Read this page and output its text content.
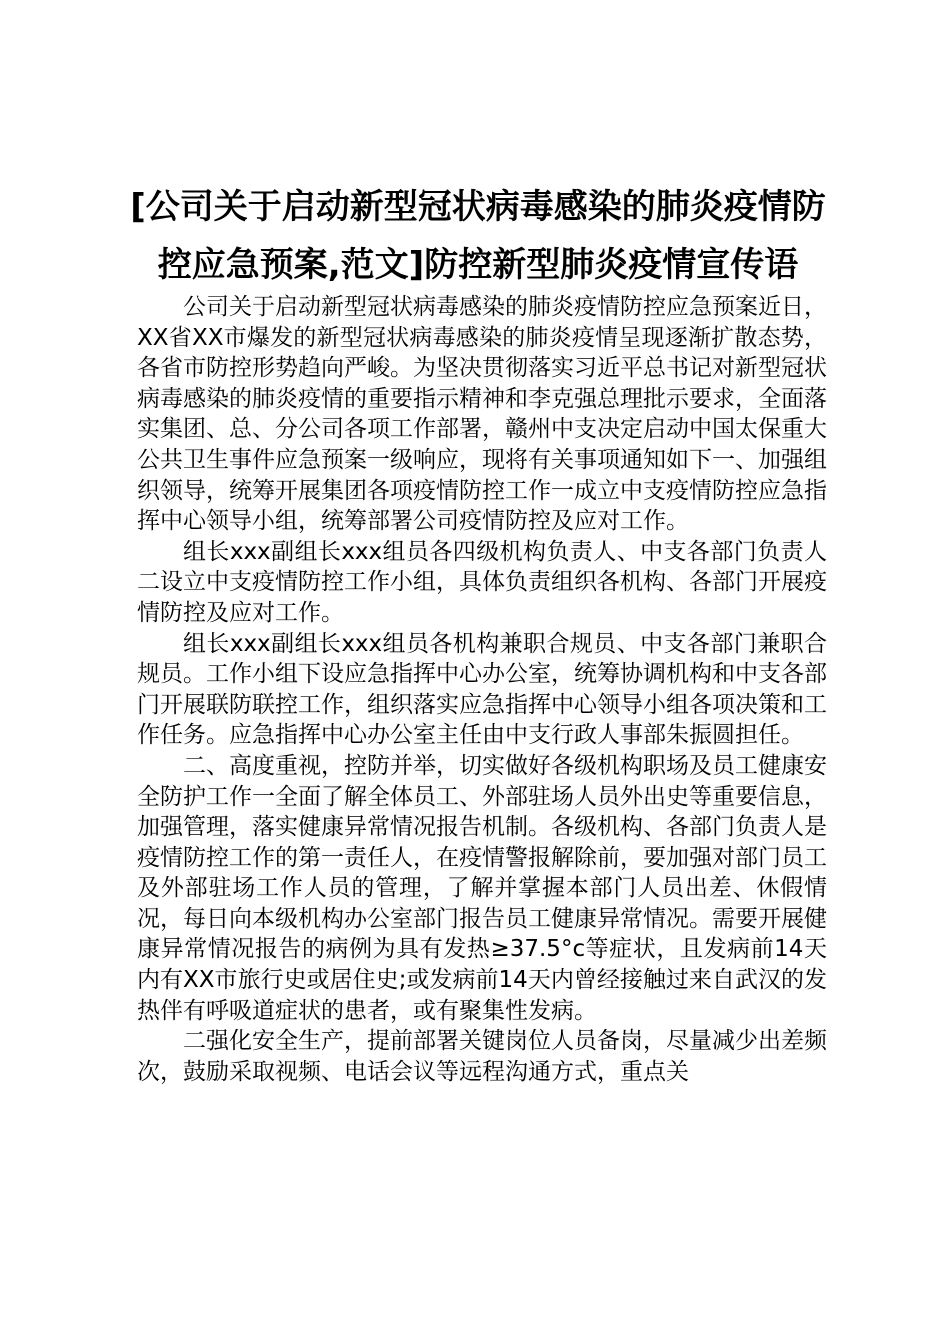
[公司关于启动新型冠状病毒感染的肺炎疫情防控应急预案,范文]防控新型肺炎疫情宣传语

公司关于启动新型冠状病毒感染的肺炎疫情防控应急预案近日，XX省XX市爆发的新型冠状病毒感染的肺炎疫情呈现逐渐扩散态势，各省市防控形势趋向严峻。为坚决贯彻落实习近平总书记对新型冠状病毒感染的肺炎疫情的重要指示精神和李克强总理批示要求，全面落实集团、总、分公司各项工作部署，赣州中支决定启动中国太保重大公共卫生事件应急预案一级响应，现将有关事项通知如下一、加强组织领导，统筹开展集团各项疫情防控工作一成立中支疫情防控应急指挥中心领导小组，统筹部署公司疫情防控及应对工作。

组长xxx副组长xxx组员各四级机构负责人、中支各部门负责人二设立中支疫情防控工作小组，具体负责组织各机构、各部门开展疫情防控及应对工作。

组长xxx副组长xxx组员各机构兼职合规员、中支各部门兼职合规员。工作小组下设应急指挥中心办公室，统筹协调机构和中支各部门开展联防联控工作，组织落实应急指挥中心领导小组各项决策和工作任务。应急指挥中心办公室主任由中支行政人事部朱振圆担任。

二、高度重视，控防并举，切实做好各级机构职场及员工健康安全防护工作一全面了解全体员工、外部驻场人员外出史等重要信息，加强管理，落实健康异常情况报告机制。各级机构、各部门负责人是疫情防控工作的第一责任人，在疫情警报解除前，要加强对部门员工及外部驻场工作人员的管理，了解并掌握本部门人员出差、休假情况，每日向本级机构办公室部门报告员工健康异常情况。需要开展健康异常情况报告的病例为具有发热≥37.5°c等症状，且发病前14天内有XX市旅行史或居住史;或发病前14天内曾经接触过来自武汉的发热伴有呼吸道症状的患者，或有聚集性发病。

二强化安全生产，提前部署关键岗位人员备岗，尽量减少出差频次，鼓励采取视频、电话会议等远程沟通方式，重点关
